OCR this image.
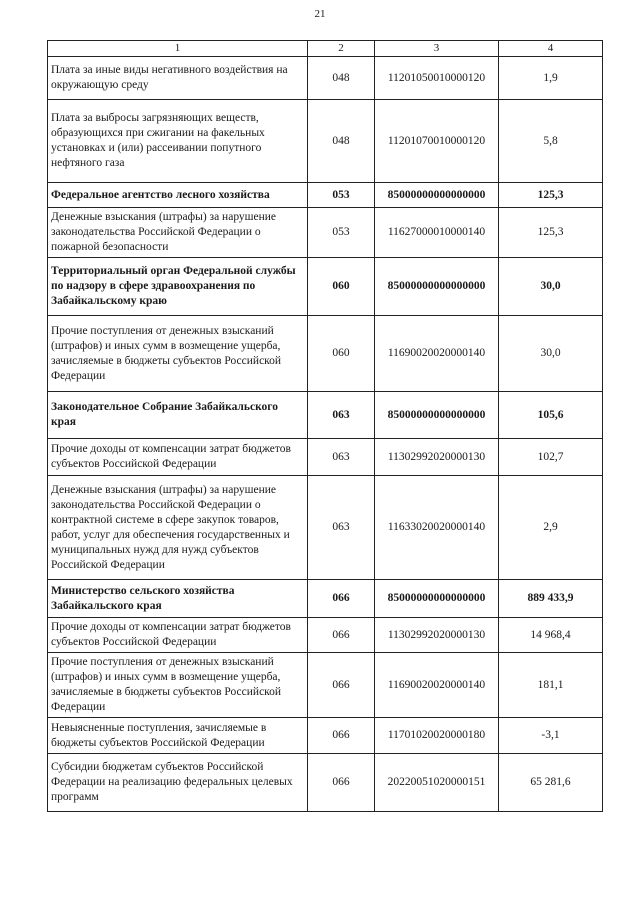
21
1	2	3	4
Плата за иные виды негативного воздействия на окружающую среду	048	11201050010000120	1,9
Плата за выбросы загрязняющих веществ, образующихся при сжигании на факельных установках и (или) рассеивании попутного нефтяного газа	048	11201070010000120	5,8
Федеральное агентство лесного хозяйства	053	85000000000000000	125,3
Денежные взыскания (штрафы) за нарушение законодательства Российской Федерации о пожарной безопасности	053	11627000010000140	125,3
Территориальный орган Федеральной службы по надзору в сфере здравоохранения по Забайкальскому краю	060	85000000000000000	30,0
Прочие поступления от денежных взысканий (штрафов) и иных сумм в возмещение ущерба, зачисляемые в бюджеты субъектов Российской Федерации	060	11690020020000140	30,0
Законодательное Собрание Забайкальского края	063	85000000000000000	105,6
Прочие доходы от компенсации затрат бюджетов субъектов Российской Федерации	063	11302992020000130	102,7
Денежные взыскания (штрафы) за нарушение законодательства Российской Федерации о контрактной системе в сфере закупок товаров, работ, услуг для обеспечения государственных и муниципальных нужд для нужд субъектов Российской Федерации	063	11633020020000140	2,9
Министерство сельского хозяйства Забайкальского края	066	85000000000000000	889 433,9
Прочие доходы от компенсации затрат бюджетов субъектов Российской Федерации	066	11302992020000130	14 968,4
Прочие поступления от денежных взысканий (штрафов) и иных сумм в возмещение ущерба, зачисляемые в бюджеты субъектов Российской Федерации	066	11690020020000140	181,1
Невыясненные поступления, зачисляемые в бюджеты субъектов Российской Федерации	066	11701020020000180	-3,1
Субсидии бюджетам субъектов Российской Федерации на реализацию федеральных целевых программ	066	20220051020000151	65 281,6
